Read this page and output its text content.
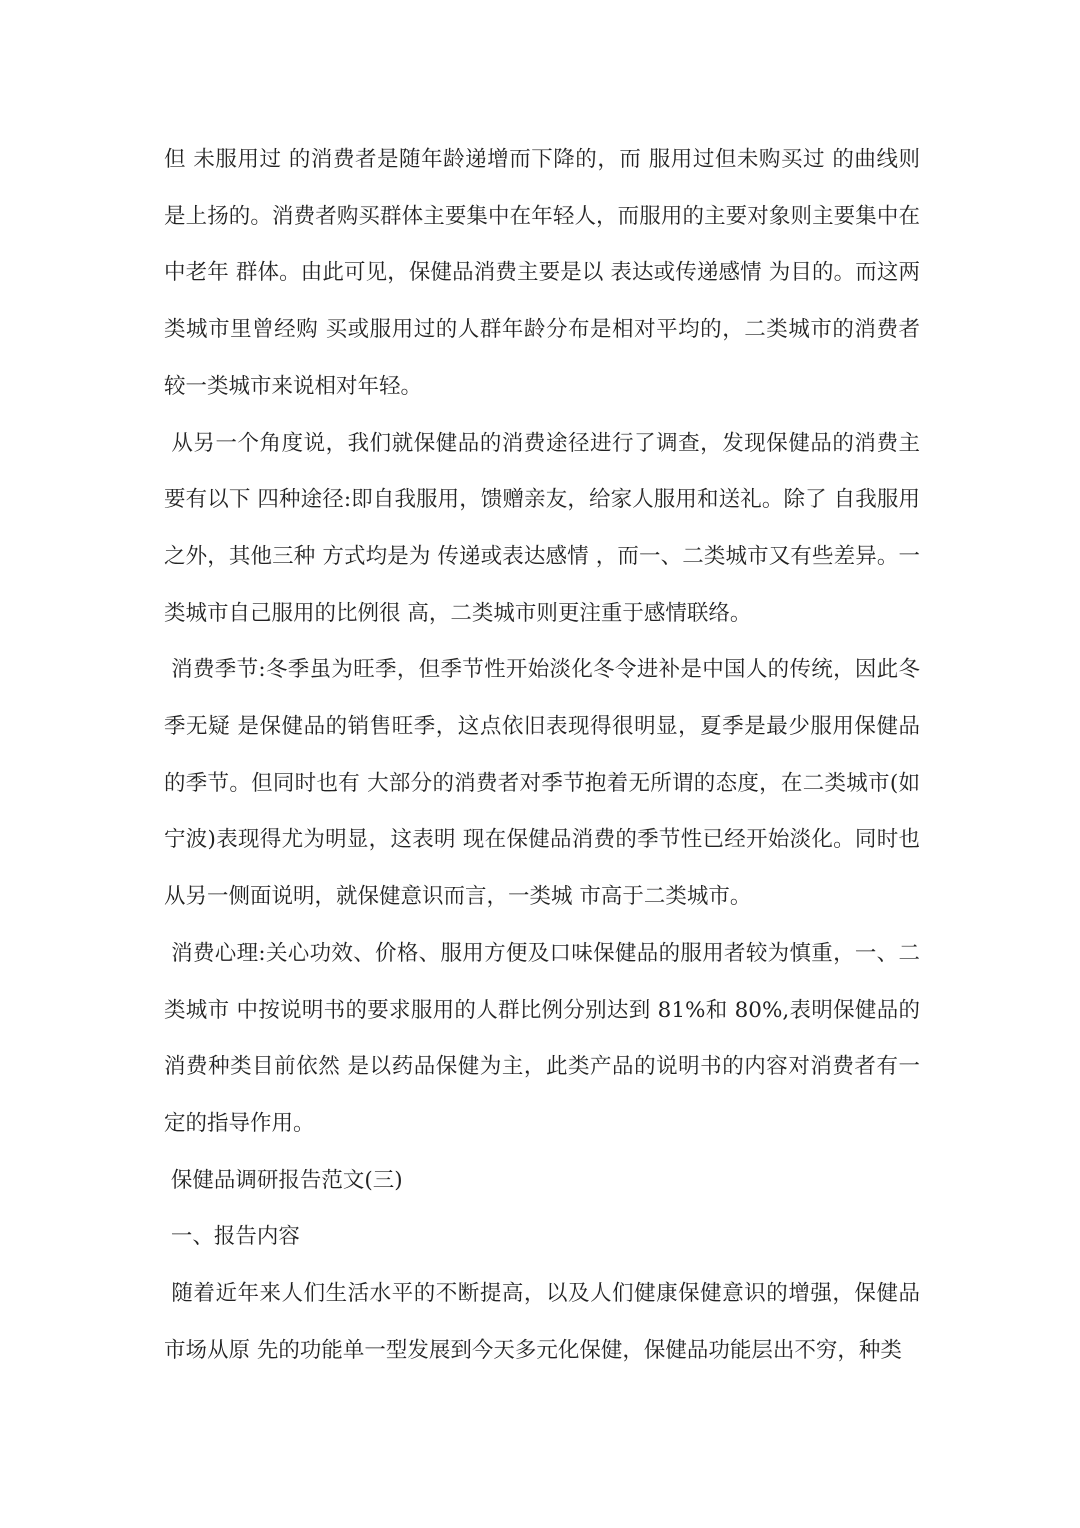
但 未服用过 的消费者是随年龄递增而下降的，而 服用过但未购买过 的曲线则是上扬的。消费者购买群体主要集中在年轻人，而服用的主要对象则主要集中在中老年 群体。由此可见，保健品消费主要是以 表达或传递感情 为目的。而这两类城市里曾经购 买或服用过的人群年龄分布是相对平均的，二类城市的消费者较一类城市来说相对年轻。

从另一个角度说，我们就保健品的消费途径进行了调查，发现保健品的消费主要有以下 四种途径:即自我服用，馈赠亲友，给家人服用和送礼。除了 自我服用 之外，其他三种 方式均是为 传递或表达感情 ，而一、二类城市又有些差异。一类城市自己服用的比例很 高，二类城市则更注重于感情联络。

消费季节:冬季虽为旺季，但季节性开始淡化冬令进补是中国人的传统，因此冬季无疑 是保健品的销售旺季，这点依旧表现得很明显，夏季是最少服用保健品的季节。但同时也有 大部分的消费者对季节抱着无所谓的态度，在二类城市(如宁波)表现得尤为明显，这表明 现在保健品消费的季节性已经开始淡化。同时也从另一侧面说明，就保健意识而言，一类城 市高于二类城市。

消费心理:关心功效、价格、服用方便及口味保健品的服用者较为慎重，一、二类城市 中按说明书的要求服用的人群比例分别达到 81%和 80%,表明保健品的消费种类目前依然 是以药品保健为主，此类产品的说明书的内容对消费者有一定的指导作用。

保健品调研报告范文(三)

一、报告内容

随着近年来人们生活水平的不断提高，以及人们健康保健意识的增强，保健品市场从原 先的功能单一型发展到今天多元化保健，保健品功能层出不穷，种类
